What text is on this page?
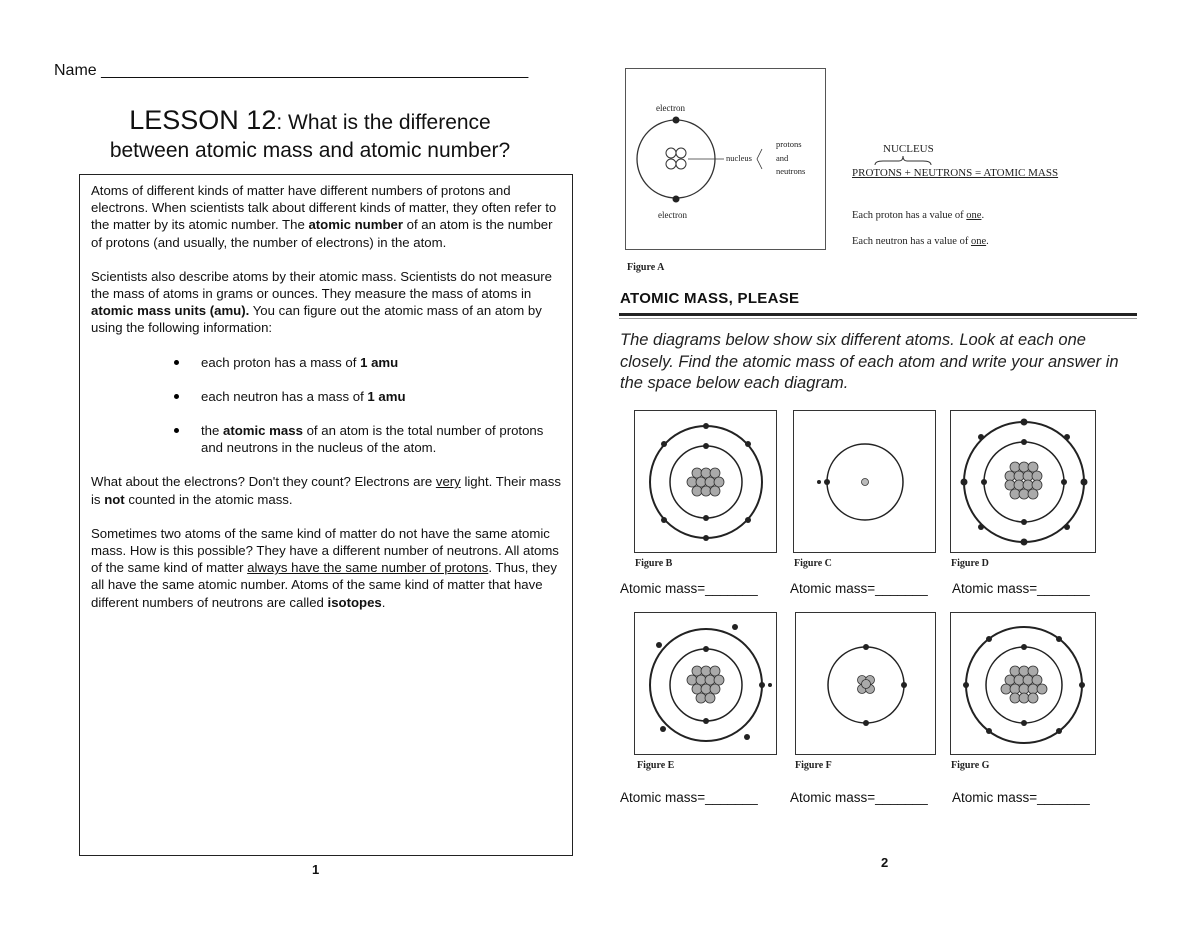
Name ________________________________________________
LESSON 12: What is the difference
between atomic mass and atomic number?

Atoms of different kinds of matter have different numbers of protons and electrons. When scientists talk about different kinds of matter, they often refer to the matter by its atomic number. The atomic number of an atom is the number of protons (and usually, the number of electrons) in the atom.

Scientists also describe atoms by their atomic mass. Scientists do not measure the mass of atoms in grams or ounces. They measure the mass of atoms in atomic mass units (amu). You can figure out the atomic mass of an atom by using the following information:

each proton has a mass of 1 amu
each neutron has a mass of 1 amu
the atomic mass of an atom is the total number of protons and neutrons in the nucleus of the atom.

What about the electrons? Don't they count? Electrons are very light. Their mass is not counted in the atomic mass.

Sometimes two atoms of the same kind of matter do not have the same atomic mass. How is this possible? They have a different number of neutrons. All atoms of the same kind of matter always have the same number of protons. Thus, they all have the same atomic number. Atoms of the same kind of matter that have different numbers of neutrons are called isotopes.

1
electron
electron
nucleus
protons
and
neutrons
Figure A
NUCLEUS
PROTONS + NEUTRONS = ATOMIC MASS
Each proton has a value of one.
Each neutron has a value of one.
ATOMIC MASS, PLEASE
The diagrams below show six different atoms. Look at each one closely. Find the atomic mass of each atom and write your answer in the space below each diagram.
Figure B
Atomic mass=_______
Figure C
Atomic mass=_______
Figure D
Atomic mass=_______
Figure E
Atomic mass=_______
Figure F
Atomic mass=_______
Figure G
Atomic mass=_______
2
